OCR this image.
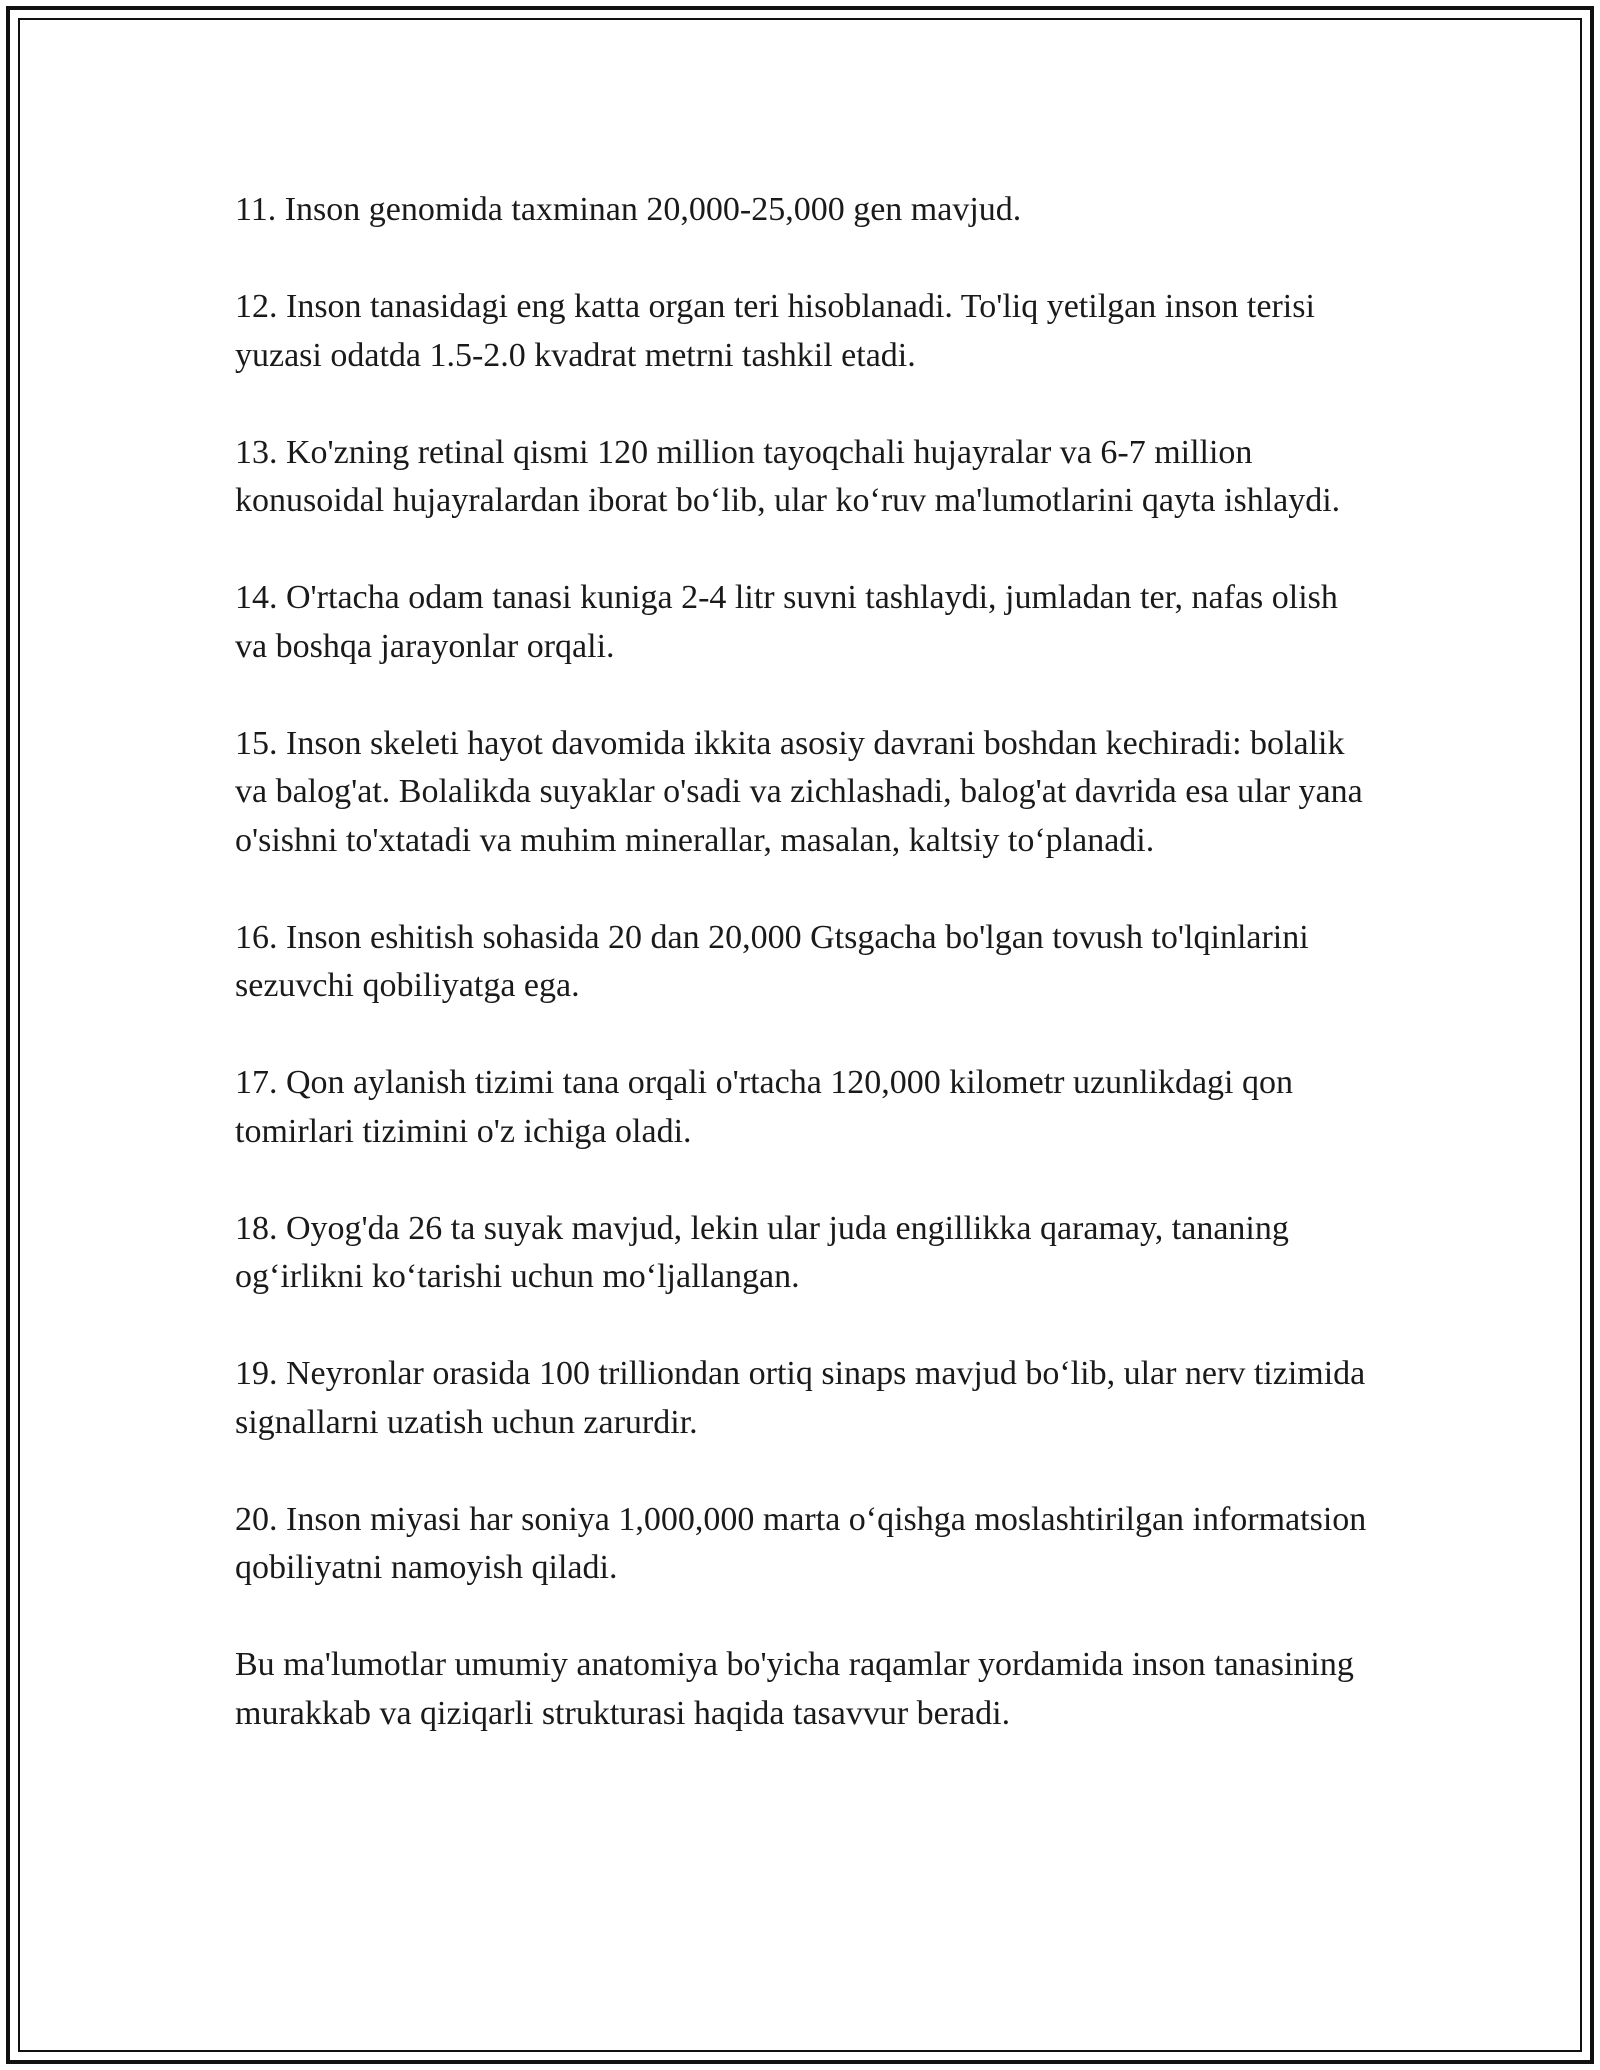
11. Inson genomida taxminan 20,000-25,000 gen mavjud.

12. Inson tanasidagi eng katta organ teri hisoblanadi. To'liq yetilgan inson terisi yuzasi odatda 1.5-2.0 kvadrat metrni tashkil etadi.

13. Ko'zning retinal qismi 120 million tayoqchali hujayralar va 6-7 million konusoidal hujayralardan iborat bo‘lib, ular ko‘ruv ma'lumotlarini qayta ishlaydi.

14. O'rtacha odam tanasi kuniga 2-4 litr suvni tashlaydi, jumladan ter, nafas olish va boshqa jarayonlar orqali.

15. Inson skeleti hayot davomida ikkita asosiy davrani boshdan kechiradi: bolalik va balog'at. Bolalikda suyaklar o'sadi va zichlashadi, balog'at davrida esa ular yana o'sishni to'xtatadi va muhim minerallar, masalan, kaltsiy to‘planadi.

16. Inson eshitish sohasida 20 dan 20,000 Gtsgacha bo'lgan tovush to'lqinlarini sezuvchi qobiliyatga ega.

17. Qon aylanish tizimi tana orqali o'rtacha 120,000 kilometr uzunlikdagi qon tomirlari tizimini o'z ichiga oladi.

18. Oyog'da 26 ta suyak mavjud, lekin ular juda engillikka qaramay, tananing og‘irlikni ko‘tarishi uchun mo‘ljallangan.

19. Neyronlar orasida 100 trilliondan ortiq sinaps mavjud bo‘lib, ular nerv tizimida signallarni uzatish uchun zarurdir.

20. Inson miyasi har soniya 1,000,000 marta o‘qishga moslashtirilgan informatsion qobiliyatni namoyish qiladi.

Bu ma'lumotlar umumiy anatomiya bo'yicha raqamlar yordamida inson tanasining murakkab va qiziqarli strukturasi haqida tasavvur beradi.
